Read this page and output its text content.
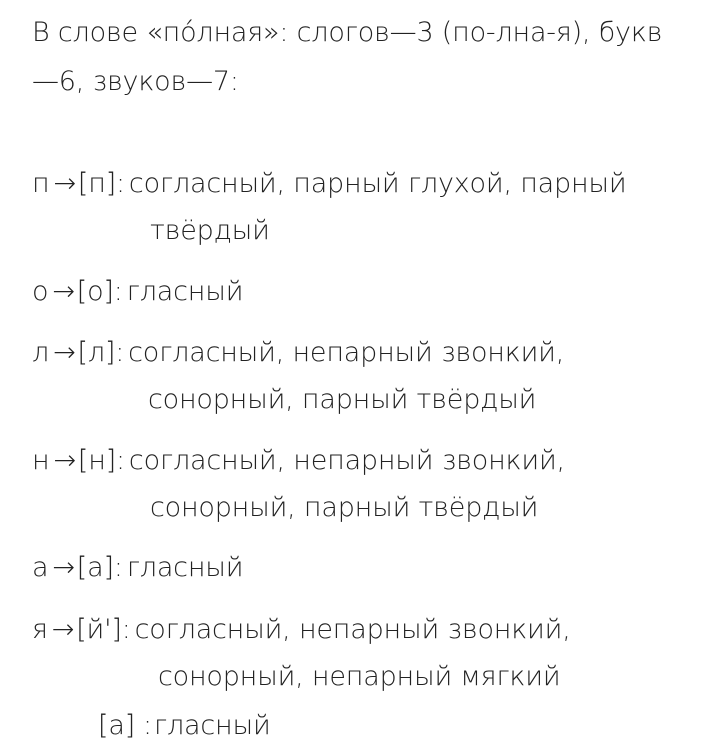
В слове «по́лная»: слогов—3 (по-лна-я), букв
—6, звуков—7:
п →[п]: согласный, парный глухой, парный
твёрдый
о →[о]: гласный
л →[л]: согласный, непарный звонкий,
сонорный, парный твёрдый
н →[н]: согласный, непарный звонкий,
сонорный, парный твёрдый
а →[а]: гласный
я →[й']: согласный, непарный звонкий,
сонорный, непарный мягкий
[а] :гласный
